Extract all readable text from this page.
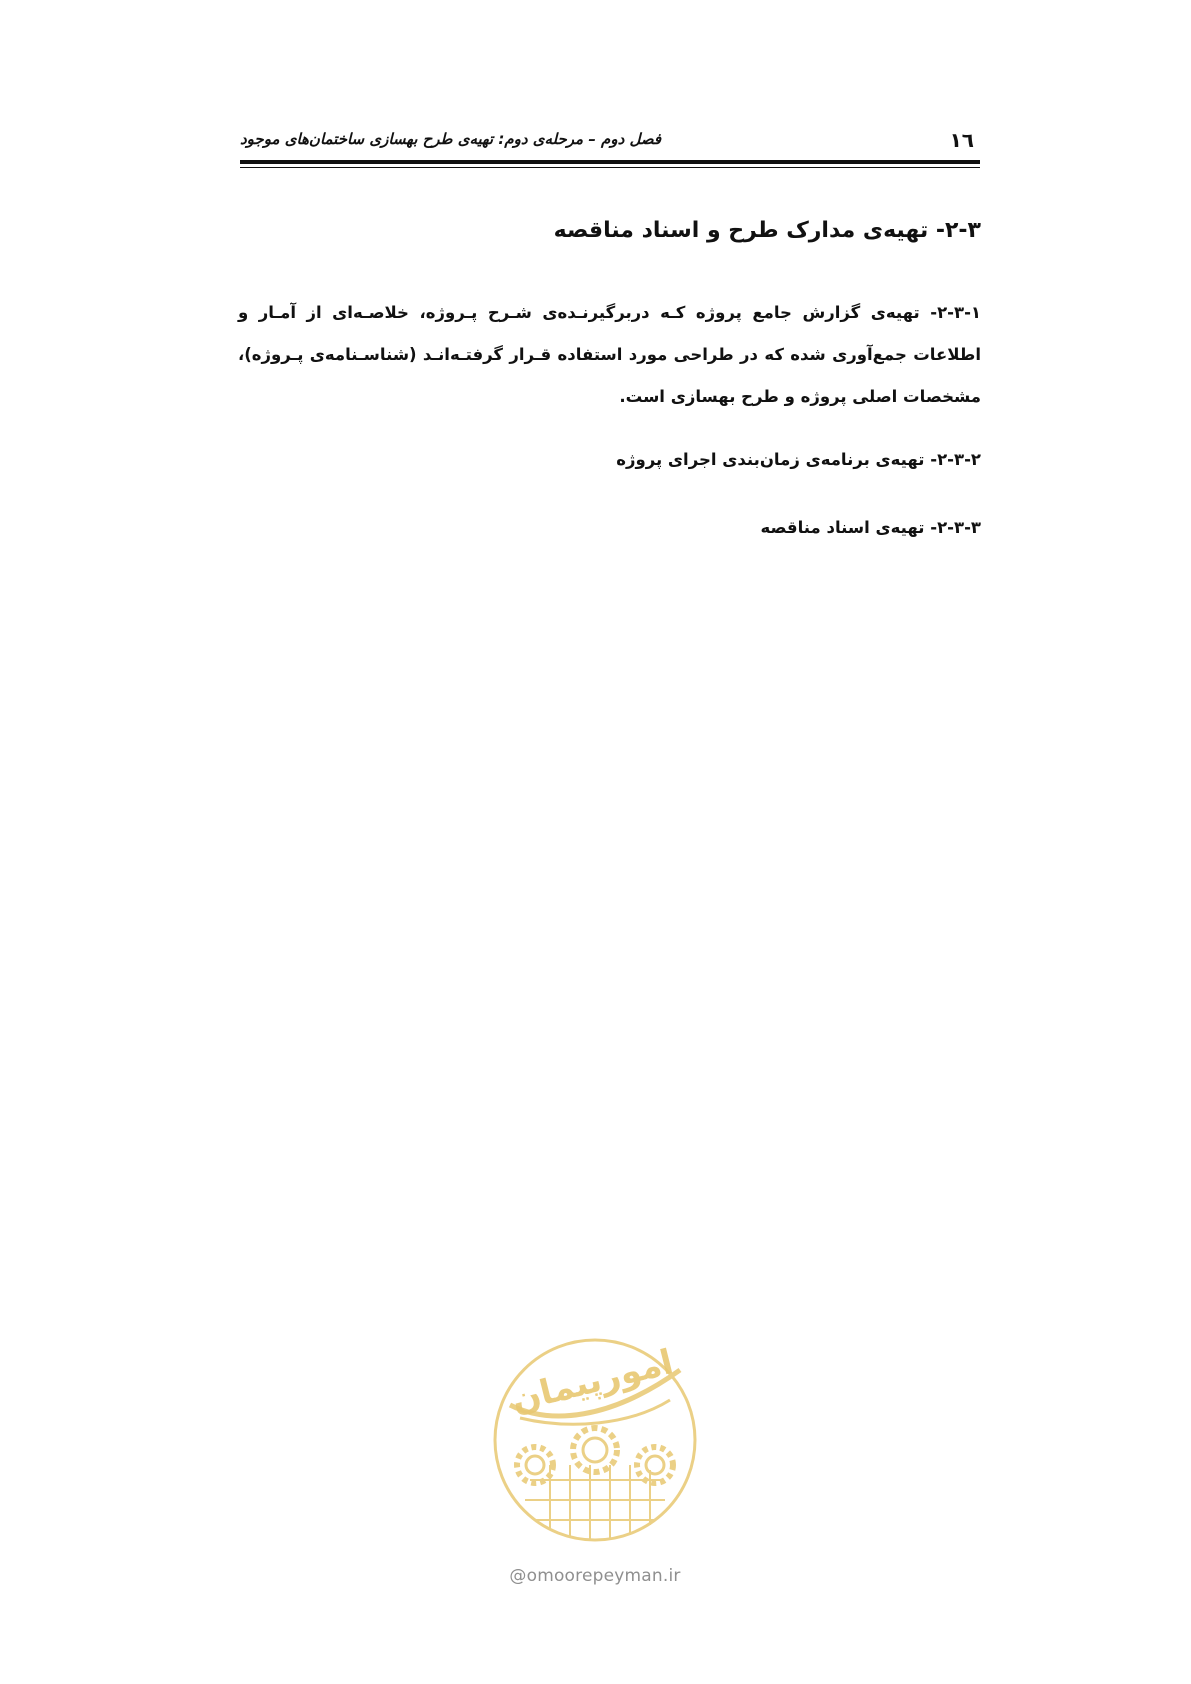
١٦
فصل دوم – مرحله‌ی دوم: تهیه‌ی طرح بهسازی ساختمان‌های موجود
۲-۳- تهیه‌ی مدارک طرح و اسناد مناقصه
۲-۳-۱- تهیه‌ی گزارش جامع پروژه کـه دربرگیرنـده‌ی شـرح پـروژه، خلاصـه‌ای از آمـار و اطلاعات جمع‌آوری شده که در طراحی مورد استفاده قـرار گرفتـه‌انـد (شناسـنامه‌ی پـروژه)، مشخصات اصلی پروژه و طرح بهسازی است.
۲-۳-۲- تهیه‌ی برنامه‌ی زمان‌بندی اجرای پروژه
۲-۳-۳- تهیه‌ی اسناد مناقصه
امورپیمان
@omoorepeyman.ir
